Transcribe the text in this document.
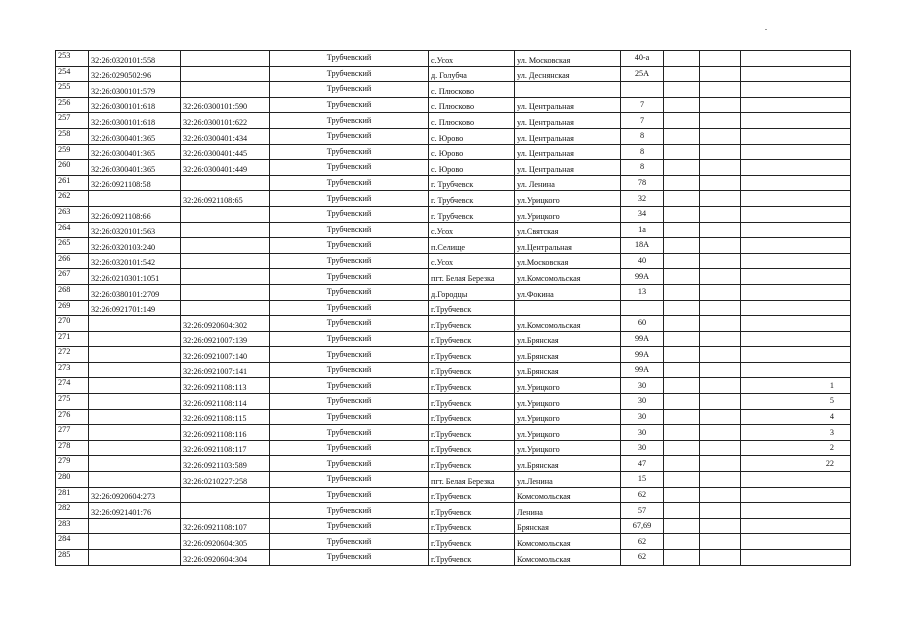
253	32:26:0320101:558		Трубчевский	с.Усох	ул. Московская	40-а			
254	32:26:0290502:96		Трубчевский	д. Голубча	ул. Деснянская	25А			
255	32:26:0300101:579		Трубчевский	с. Плюсково					
256	32:26:0300101:618	32:26:0300101:590	Трубчевский	с. Плюсково	ул. Центральная	7			
257	32:26:0300101:618	32:26:0300101:622	Трубчевский	с. Плюсково	ул. Центральная	7			
258	32:26:0300401:365	32:26:0300401:434	Трубчевский	с. Юрово	ул. Центральная	8			
259	32:26:0300401:365	32:26:0300401:445	Трубчевский	с. Юрово	ул. Центральная	8			
260	32:26:0300401:365	32:26:0300401:449	Трубчевский	с. Юрово	ул. Центральная	8			
261	32:26:0921108:58		Трубчевский	г. Трубчевск	ул. Ленина	78			
262		32:26:0921108:65	Трубчевский	г. Трубчевск	ул.Урицкого	32			
263	32:26:0921108:66		Трубчевский	г. Трубчевск	ул.Урицкого	34			
264	32:26:0320101:563		Трубчевский	с.Усох	ул.Святская	1а			
265	32:26:0320103:240		Трубчевский	п.Селище	ул.Центральная	18А			
266	32:26:0320101:542		Трубчевский	с.Усох	ул.Московская	40			
267	32:26:0210301:1051		Трубчевский	пгт. Белая Березка	ул.Комсомольская	99А			
268	32:26:0380101:2709		Трубчевский	д.Городцы	ул.Фокина	13			
269	32:26:0921701:149		Трубчевский	г.Трубчевск					
270		32:26:0920604:302	Трубчевский	г.Трубчевск	ул.Комсомольская	60			
271		32:26:0921007:139	Трубчевский	г.Трубчевск	ул.Брянская	99А			
272		32:26:0921007:140	Трубчевский	г.Трубчевск	ул.Брянская	99А			
273		32:26:0921007:141	Трубчевский	г.Трубчевск	ул.Брянская	99А			
274		32:26:0921108:113	Трубчевский	г.Трубчевск	ул.Урицкого	30			1
275		32:26:0921108:114	Трубчевский	г.Трубчевск	ул.Урицкого	30			5
276		32:26:0921108:115	Трубчевский	г.Трубчевск	ул.Урицкого	30			4
277		32:26:0921108:116	Трубчевский	г.Трубчевск	ул.Урицкого	30			3
278		32:26:0921108:117	Трубчевский	г.Трубчевск	ул.Урицкого	30			2
279		32:26:0921103:589	Трубчевский	г.Трубчевск	ул.Брянская	47			22
280		32:26:0210227:258	Трубчевский	пгт. Белая Березка	ул.Ленина	15			
281	32:26:0920604:273		Трубчевский	г.Трубчевск	Комсомольская	62			
282	32:26:0921401:76		Трубчевский	г.Трубчевск	Ленина	57			
283		32:26:0921108:107	Трубчевский	г.Трубчевск	Брянская	67,69			
284		32:26:0920604:305	Трубчевский	г.Трубчевск	Комсомольская	62			
285		32:26:0920604:304	Трубчевский	г.Трубчевск	Комсомольская	62			
